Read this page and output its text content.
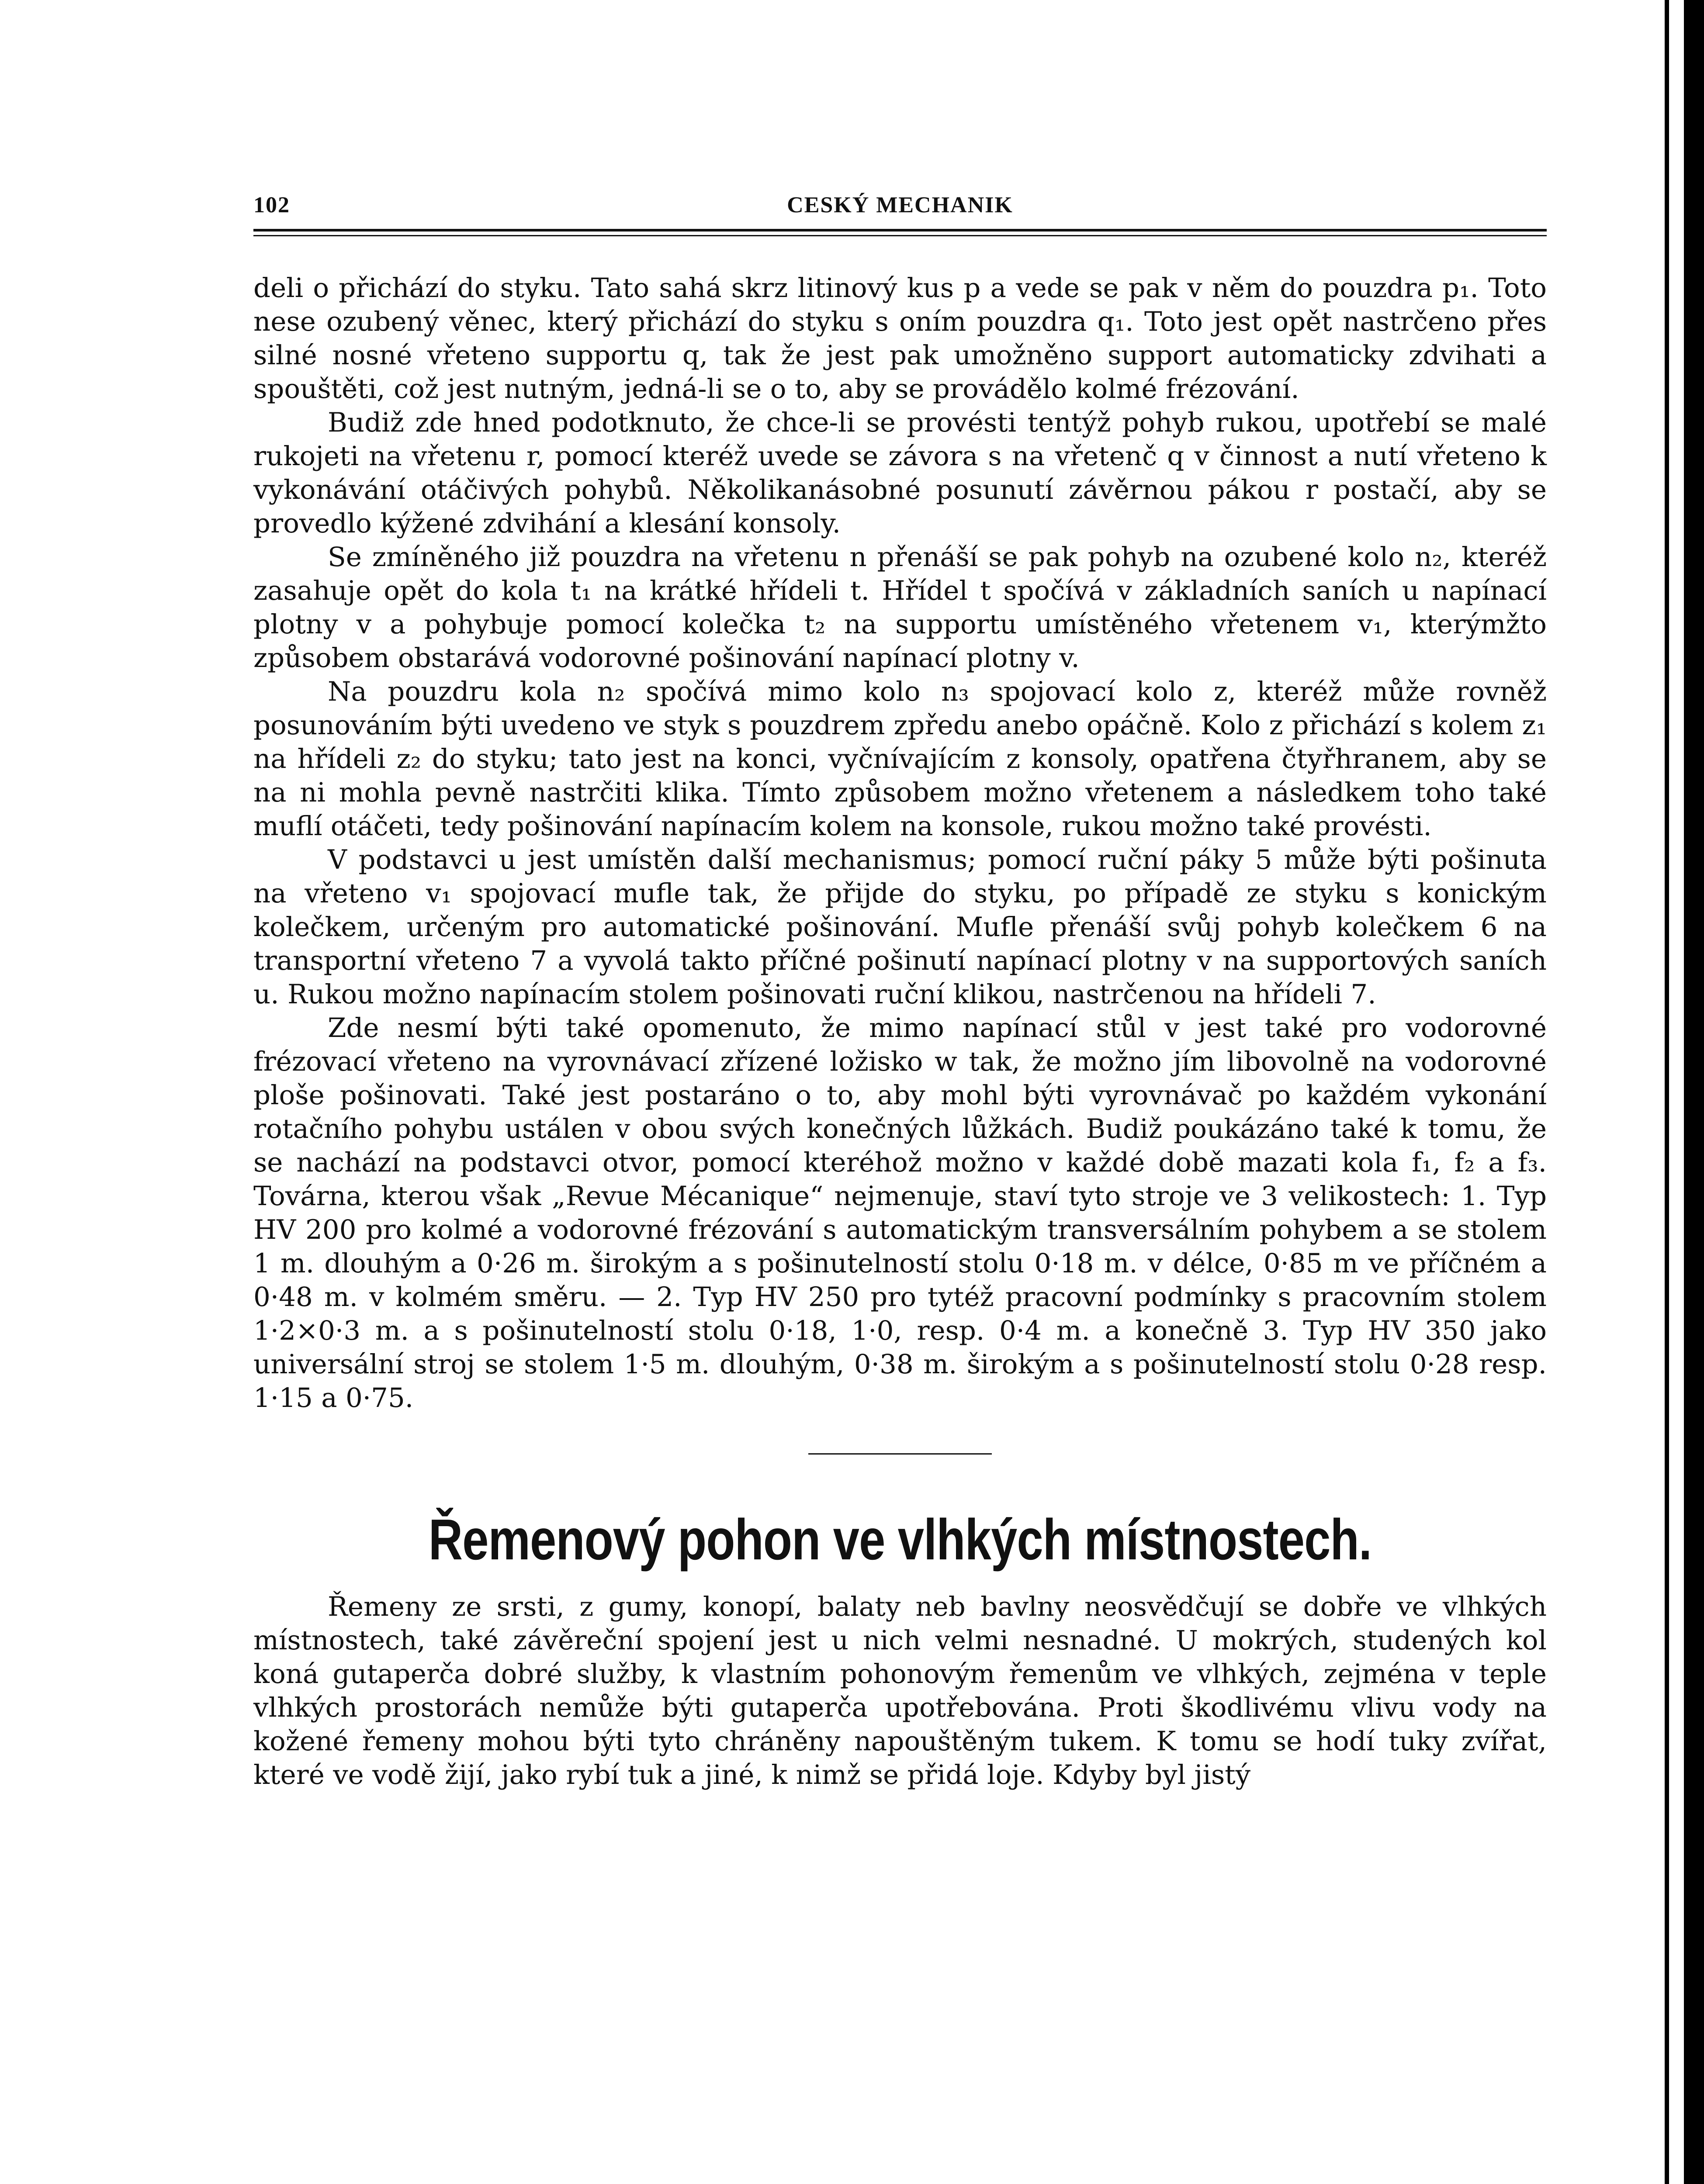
102	CESKÝ MECHANIK

deli o přichází do styku. Tato sahá skrz litinový kus p a vede se pak v něm do pouzdra p₁. Toto nese ozubený věnec, který přichází do styku s oním pouzdra q₁. Toto jest opět nastrčeno přes silné nosné vřeteno supportu q, tak že jest pak umožněno support automaticky zdvihati a spouštěti, což jest nutným, jedná-li se o to, aby se provádělo kolmé frézování.

Budiž zde hned podotknuto, že chce-li se provésti tentýž pohyb rukou, upotřebí se malé rukojeti na vřetenu r, pomocí kteréž uvede se závora s na vřetenč q v činnost a nutí vřeteno k vykonávání otáčivých pohybů. Několikanásobné posunutí závěrnou pákou r postačí, aby se provedlo kýžené zdvihání a klesání konsoly.

Se zmíněného již pouzdra na vřetenu n přenáší se pak pohyb na ozubené kolo n₂, kteréž zasahuje opět do kola t₁ na krátké hřídeli t. Hřídel t spočívá v základních saních u napínací plotny v a pohybuje pomocí kolečka t₂ na supportu umístěného vřetenem v₁, kterýmžto způsobem obstarává vodorovné pošinování napínací plotny v.

Na pouzdru kola n₂ spočívá mimo kolo n₃ spojovací kolo z, kteréž může rovněž posunováním býti uvedeno ve styk s pouzdrem zpředu anebo opáčně. Kolo z přichází s kolem z₁ na hřídeli z₂ do styku; tato jest na konci, vyčnívajícím z konsoly, opatřena čtyřhranem, aby se na ni mohla pevně nastrčiti klika. Tímto způsobem možno vřetenem a následkem toho také muflí otáčeti, tedy pošinování napínacím kolem na konsole, rukou možno také provésti.

V podstavci u jest umístěn další mechanismus; pomocí ruční páky 5 může býti pošinuta na vřeteno v₁ spojovací mufle tak, že přijde do styku, po případě ze styku s konickým kolečkem, určeným pro automatické pošinování. Mufle přenáší svůj pohyb kolečkem 6 na transportní vřeteno 7 a vyvolá takto příčné pošinutí napínací plotny v na supportových saních u. Rukou možno napínacím stolem pošinovati ruční klikou, nastrčenou na hřídeli 7.

Zde nesmí býti také opomenuto, že mimo napínací stůl v jest také pro vodorovné frézovací vřeteno na vyrovnávací zřízené ložisko w tak, že možno jím libovolně na vodorovné ploše pošinovati. Také jest postaráno o to, aby mohl býti vyrovnávač po každém vykonání rotačního pohybu ustálen v obou svých konečných lůžkách. Budiž poukázáno také k tomu, že se nachází na podstavci otvor, pomocí kteréhož možno v každé době mazati kola f₁, f₂ a f₃. Továrna, kterou však „Revue Mécanique“ nejmenuje, staví tyto stroje ve 3 velikostech: 1. Typ HV 200 pro kolmé a vodorovné frézování s automatickým transversálním pohybem a se stolem 1 m. dlouhým a 0·26 m. širokým a s pošinutelností stolu 0·18 m. v délce, 0·85 m ve příčném a 0·48 m. v kolmém směru. — 2. Typ HV 250 pro tytéž pracovní podmínky s pracovním stolem 1·2×0·3 m. a s pošinutelností stolu 0·18, 1·0, resp. 0·4 m. a konečně 3. Typ HV 350 jako universální stroj se stolem 1·5 m. dlouhým, 0·38 m. širokým a s pošinutelností stolu 0·28 resp. 1·15 a 0·75.

Řemenový pohon ve vlhkých místnostech.

Řemeny ze srsti, z gumy, konopí, balaty neb bavlny neosvědčují se dobře ve vlhkých místnostech, také závěreční spojení jest u nich velmi nesnadné. U mokrých, studených kol koná gutaperča dobré služby, k vlastním pohonovým řemenům ve vlhkých, zejména v teple vlhkých prostorách nemůže býti gutaperča upotřebována. Proti škodlivému vlivu vody na kožené řemeny mohou býti tyto chráněny napouštěným tukem. K tomu se hodí tuky zvířat, které ve vodě žijí, jako rybí tuk a jiné, k nimž se přidá loje. Kdyby byl jistý
